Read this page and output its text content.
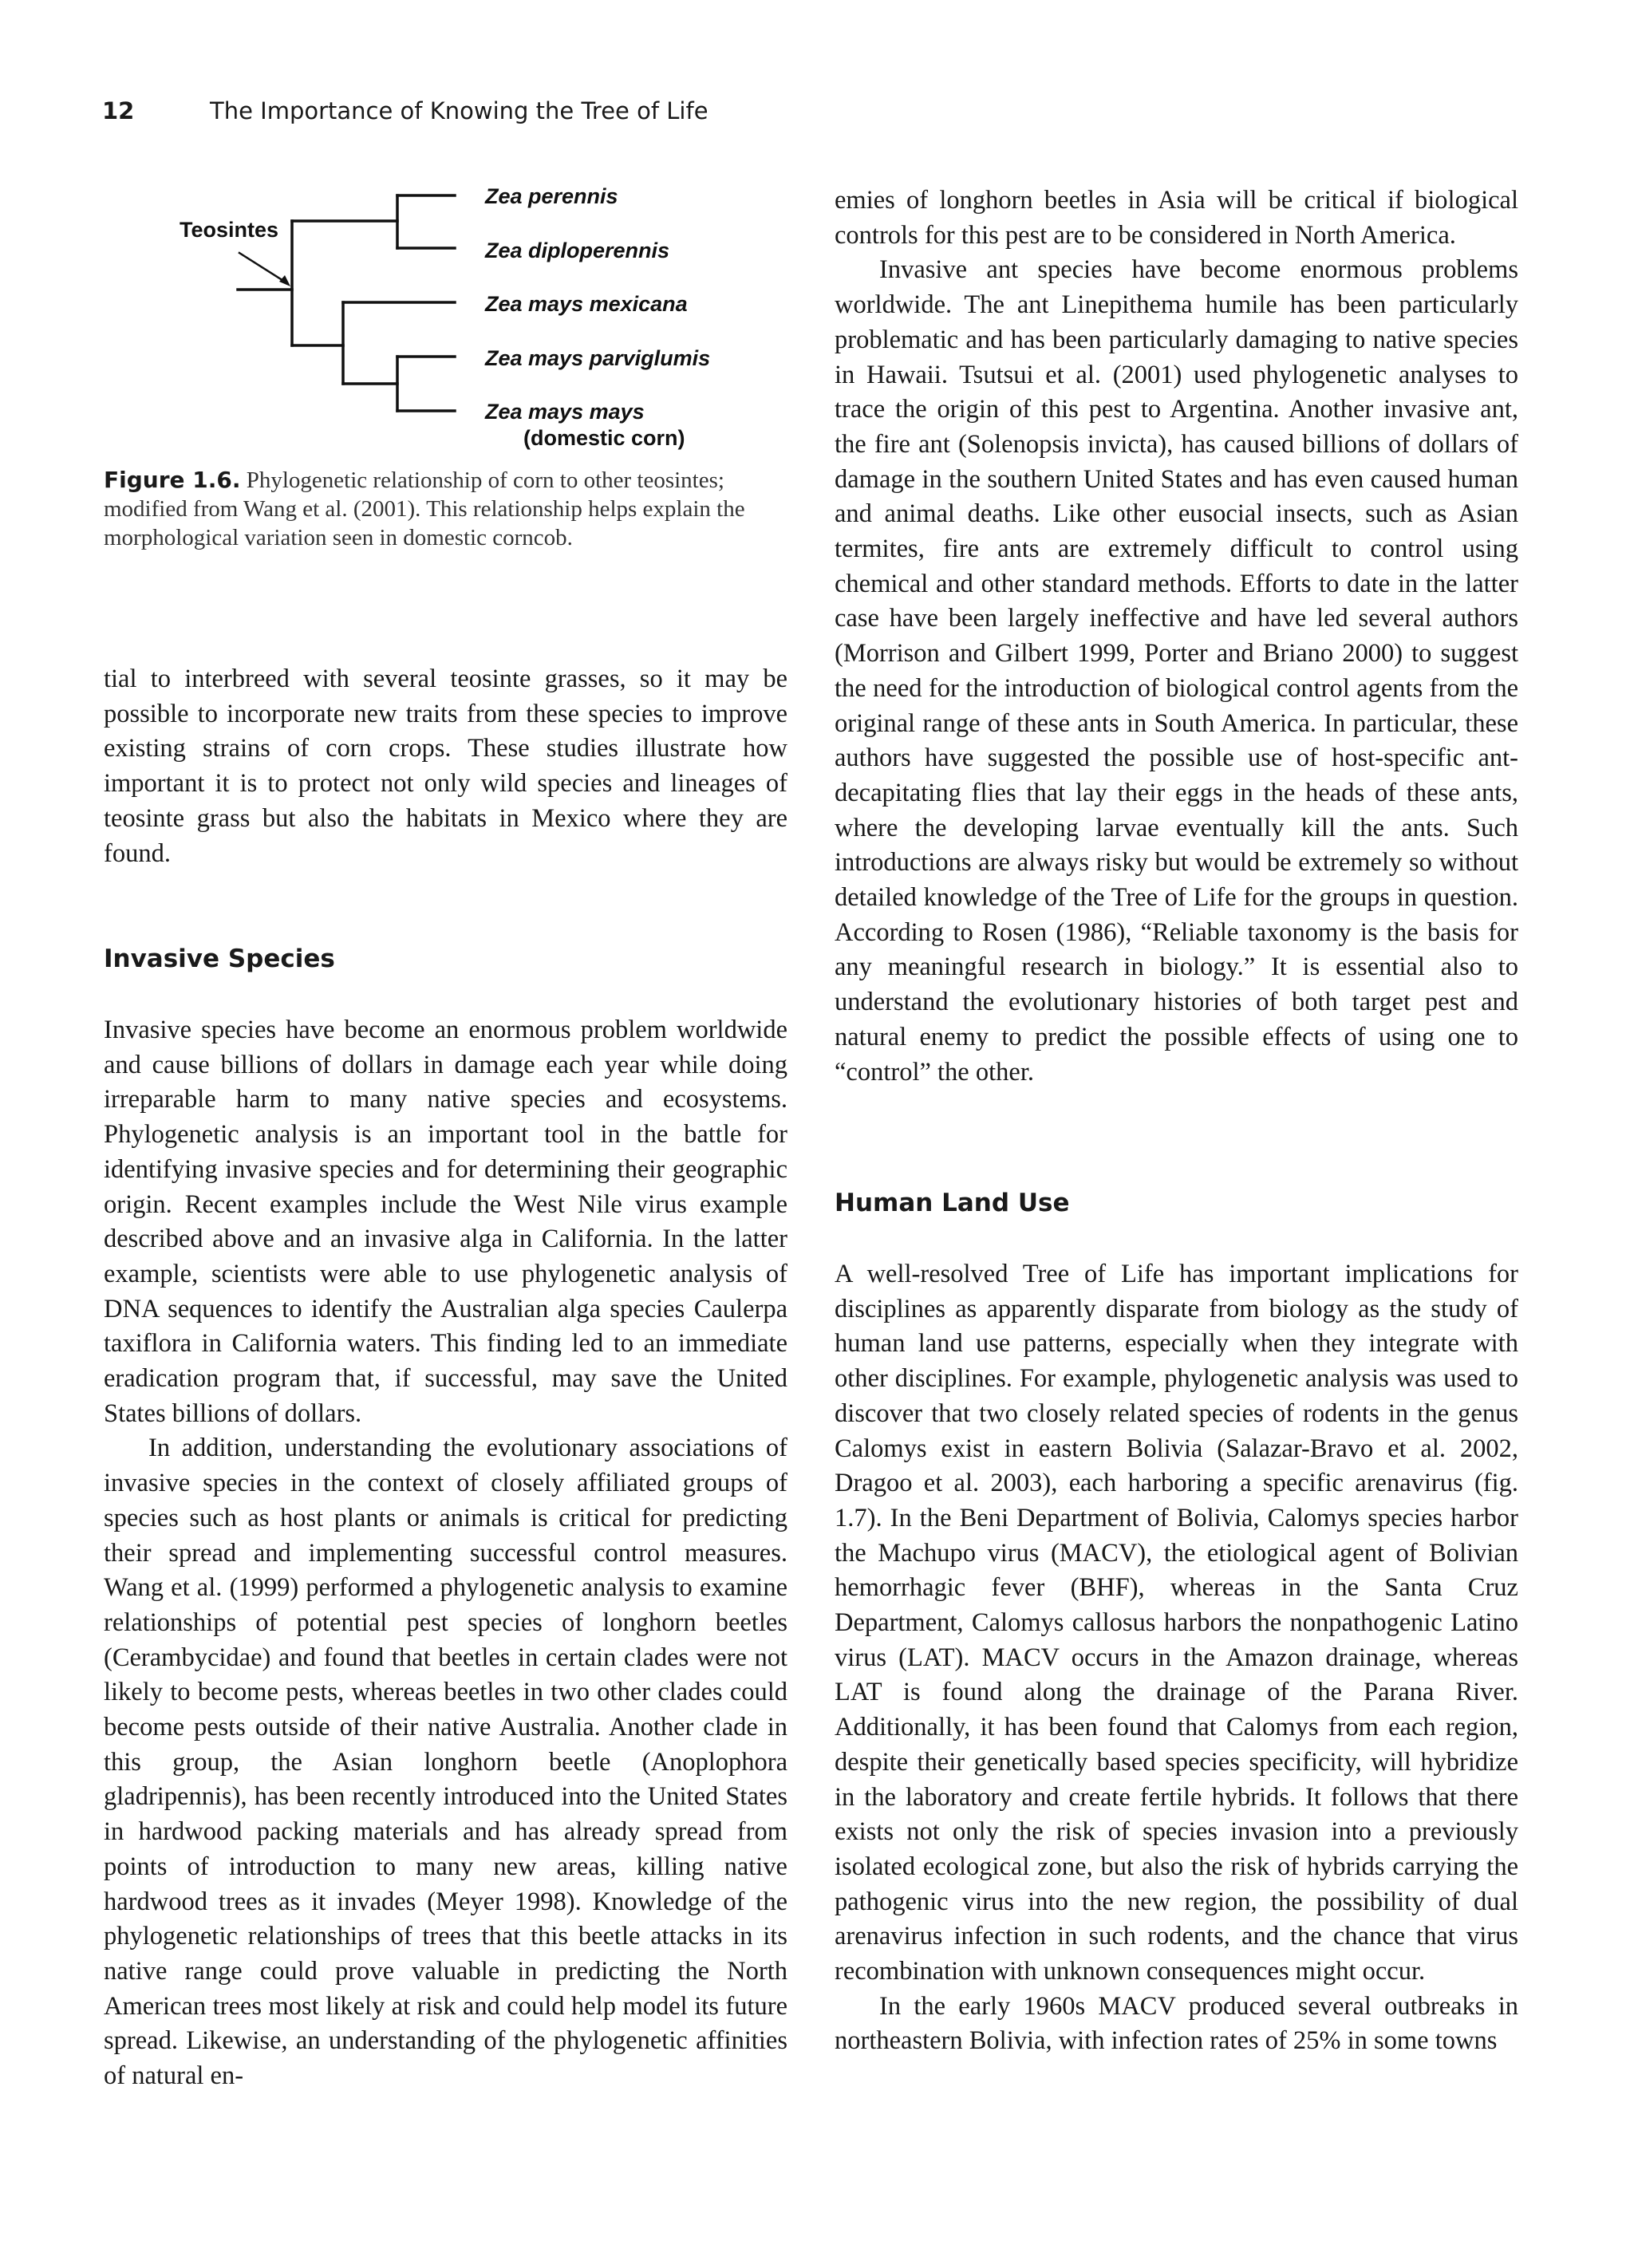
12	The Importance of Knowing the Tree of Life
Teosintes
Zea perennis
Zea diploperennis
Zea mays mexicana
Zea mays parviglumis
Zea mays mays
(domestic corn)
Figure 1.6. Phylogenetic relationship of corn to other teosintes; modified from Wang et al. (2001). This relationship helps explain the morphological variation seen in domestic corncob.

tial to interbreed with several teosinte grasses, so it may be possible to incorporate new traits from these species to improve existing strains of corn crops. These studies illustrate how important it is to protect not only wild species and lineages of teosinte grass but also the habitats in Mexico where they are found.

Invasive Species

Invasive species have become an enormous problem worldwide and cause billions of dollars in damage each year while doing irreparable harm to many native species and ecosystems. Phylogenetic analysis is an important tool in the battle for identifying invasive species and for determining their geographic origin. Recent examples include the West Nile virus example described above and an invasive alga in California. In the latter example, scientists were able to use phylogenetic analysis of DNA sequences to identify the Australian alga species Caulerpa taxiflora in California waters. This finding led to an immediate eradication program that, if successful, may save the United States billions of dollars.

In addition, understanding the evolutionary associations of invasive species in the context of closely affiliated groups of species such as host plants or animals is critical for predicting their spread and implementing successful control measures. Wang et al. (1999) performed a phylogenetic analysis to examine relationships of potential pest species of longhorn beetles (Cerambycidae) and found that beetles in certain clades were not likely to become pests, whereas beetles in two other clades could become pests outside of their native Australia. Another clade in this group, the Asian longhorn beetle (Anoplophora gladripennis), has been recently introduced into the United States in hardwood packing materials and has already spread from points of introduction to many new areas, killing native hardwood trees as it invades (Meyer 1998). Knowledge of the phylogenetic relationships of trees that this beetle attacks in its native range could prove valuable in predicting the North American trees most likely at risk and could help model its future spread. Likewise, an understanding of the phylogenetic affinities of natural en-

emies of longhorn beetles in Asia will be critical if biological controls for this pest are to be considered in North America.

Invasive ant species have become enormous problems worldwide. The ant Linepithema humile has been particularly problematic and has been particularly damaging to native species in Hawaii. Tsutsui et al. (2001) used phylogenetic analyses to trace the origin of this pest to Argentina. Another invasive ant, the fire ant (Solenopsis invicta), has caused billions of dollars of damage in the southern United States and has even caused human and animal deaths. Like other eusocial insects, such as Asian termites, fire ants are extremely difficult to control using chemical and other standard methods. Efforts to date in the latter case have been largely ineffective and have led several authors (Morrison and Gilbert 1999, Porter and Briano 2000) to suggest the need for the introduction of biological control agents from the original range of these ants in South America. In particular, these authors have suggested the possible use of host-specific ant-decapitating flies that lay their eggs in the heads of these ants, where the developing larvae eventually kill the ants. Such introductions are always risky but would be extremely so without detailed knowledge of the Tree of Life for the groups in question. According to Rosen (1986), “Reliable taxonomy is the basis for any meaningful research in biology.” It is essential also to understand the evolutionary histories of both target pest and natural enemy to predict the possible effects of using one to “control” the other.

Human Land Use

A well-resolved Tree of Life has important implications for disciplines as apparently disparate from biology as the study of human land use patterns, especially when they integrate with other disciplines. For example, phylogenetic analysis was used to discover that two closely related species of rodents in the genus Calomys exist in eastern Bolivia (Salazar-Bravo et al. 2002, Dragoo et al. 2003), each harboring a specific arenavirus (fig. 1.7). In the Beni Department of Bolivia, Calomys species harbor the Machupo virus (MACV), the etiological agent of Bolivian hemorrhagic fever (BHF), whereas in the Santa Cruz Department, Calomys callosus harbors the nonpathogenic Latino virus (LAT). MACV occurs in the Amazon drainage, whereas LAT is found along the drainage of the Parana River. Additionally, it has been found that Calomys from each region, despite their genetically based species specificity, will hybridize in the laboratory and create fertile hybrids. It follows that there exists not only the risk of species invasion into a previously isolated ecological zone, but also the risk of hybrids carrying the pathogenic virus into the new region, the possibility of dual arenavirus infection in such rodents, and the chance that virus recombination with unknown consequences might occur.

In the early 1960s MACV produced several outbreaks in northeastern Bolivia, with infection rates of 25% in some towns
